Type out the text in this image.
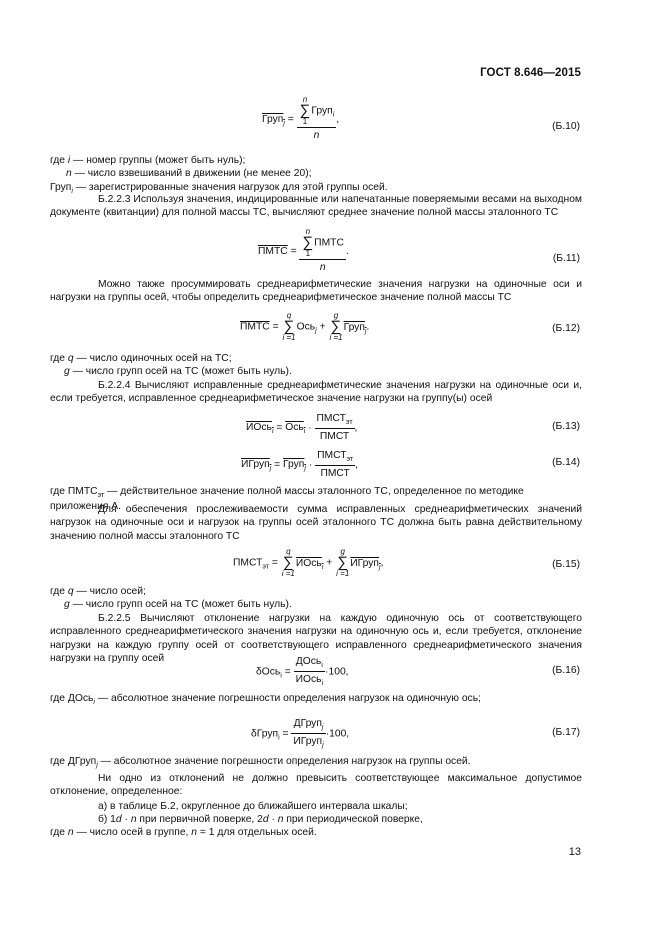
ГОСТ 8.646—2015
Груп$_j$ = n
∑
1Груп$_i$
n ,
(Б.10)
где i — номер группы (может быть нуль);
n — число взвешиваний в движении (не менее 20);
Груп$_i$ — зарегистрированные значения нагрузок для этой группы осей.
Б.2.2.3 Используя значения, индицированные или напечатанные поверяемыми весами на выходном документе (квитанции) для полной массы ТС, вычисляют среднее значение полной массы эталонного ТС
ПМТС = n
∑
1ПМТС
n .
(Б.11)
Можно также просуммировать среднеарифметические значения нагрузки на одиночные оси и нагрузки на группы осей, чтобы определить среднеарифметическое значение полной массы ТС
ПМТС = q
∑
i =1Ось$_j$ + g
∑
i =1Груп$_j$.	(Б.12)
где q — число одиночных осей на ТС;
g — число групп осей на ТС (может быть нуль).
Б.2.2.4 Вычисляют исправленные среднеарифметические значения нагрузки на одиночные оси и, если требуется, исправленное среднеарифметическое значение нагрузки на группу(ы) осей
ИОсь$_i$ = $Ось_i \cdot \frac{ПМСТ_{эт}}{\text{ПМСТ}}$ ,	(Б.13)
ИГруп$_j$ = Груп$_j$ · $\frac{ПМСТ_{эт}}{\text{ПМСТ}}$ ,	(Б.14)
где $ПМТС_{эт}$ — действительное значение полной массы эталонного ТС, определенное по методике приложения А.
Для обеспечения прослеживаемости сумма исправленных среднеарифметических значений нагрузок на одиночные оси и нагрузок на группы осей эталонного ТС должна быть равна действительному значению полной массы эталонного ТС
$ПМСТ_{эт} = q$
∑
i =1ИОсь$_i$ + g
∑
i =1ИГруп$_j$,	(Б.15)
где q — число осей;
g — число групп осей на ТС (может быть нуль).
Б.2.2.5 Вычисляют отклонение нагрузки на каждую одиночную ось от соответствующего исправленного среднеарифметического значения нагрузки на одиночную ось и, если требуется, отклонение нагрузки на каждую группу осей от соответствующего исправленного среднеарифметического значения нагрузки на группу осей
$\delta Ось_i = \frac{ДОсь_i}{ИОсь_i} \cdot 100$,	(Б.16)
где ДОсь$_i$ — абсолютное значение погрешности определения нагрузок на одиночную ось;
δГруп$_i$ = $\frac{ДГруп_j}{ИГруп_j} \cdot 100$,	(Б.17)
где ДГруп$_j$ — абсолютное значение погрешности определения нагрузок на группы осей.
Ни одно из отклонений не должно превысить соответствующее максимальное допустимое отклонение, определенное:
а) в таблице Б.2, округленное до ближайшего интервала шкалы;
б) 1d · n при первичной поверке, 2d · n при периодической поверке,
где n — число осей в группе, n = 1 для отдельных осей.
13
